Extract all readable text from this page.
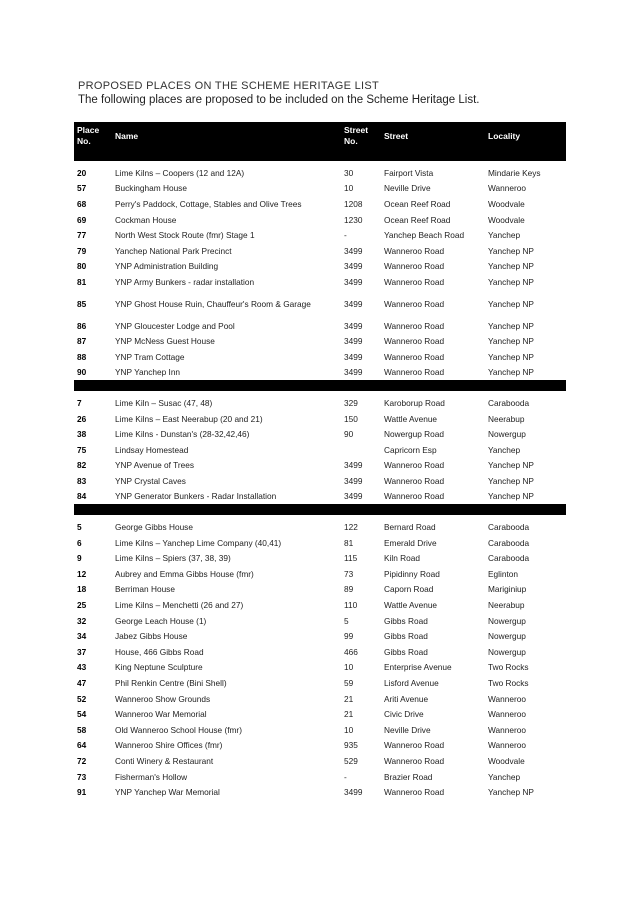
PROPOSED PLACES ON THE SCHEME HERITAGE LIST
The following places are proposed to be included on the Scheme Heritage List.
Place No.	Name	Street No.	Street	Locality

20	Lime Kilns – Coopers (12 and 12A)	30	Fairport Vista	Mindarie Keys
57	Buckingham House	10	Neville Drive	Wanneroo
68	Perry's Paddock, Cottage, Stables and Olive Trees	1208	Ocean Reef Road	Woodvale
69	Cockman House	1230	Ocean Reef Road	Woodvale
77	North West Stock Route (fmr) Stage 1	-	Yanchep Beach Road	Yanchep
79	Yanchep National Park Precinct	3499	Wanneroo Road	Yanchep NP
80	YNP Administration Building	3499	Wanneroo Road	Yanchep NP
81	YNP Army Bunkers - radar installation	3499	Wanneroo Road	Yanchep NP
85	YNP Ghost House Ruin, Chauffeur's Room & Garage	3499	Wanneroo Road	Yanchep NP
86	YNP Gloucester Lodge and Pool	3499	Wanneroo Road	Yanchep NP
87	YNP McNess Guest House	3499	Wanneroo Road	Yanchep NP
88	YNP Tram Cottage	3499	Wanneroo Road	Yanchep NP
90	YNP Yanchep Inn	3499	Wanneroo Road	Yanchep NP

7	Lime Kiln – Susac (47, 48)	329	Karoborup Road	Carabooda
26	Lime Kilns – East Neerabup (20 and 21)	150	Wattle Avenue	Neerabup
38	Lime Kilns - Dunstan's (28-32,42,46)	90	Nowergup Road	Nowergup
75	Lindsay Homestead		Capricorn Esp	Yanchep
82	YNP Avenue of Trees	3499	Wanneroo Road	Yanchep NP
83	YNP Crystal Caves	3499	Wanneroo Road	Yanchep NP
84	YNP Generator Bunkers - Radar Installation	3499	Wanneroo Road	Yanchep NP

5	George Gibbs House	122	Bernard Road	Carabooda
6	Lime Kilns – Yanchep Lime Company (40,41)	81	Emerald Drive	Carabooda
9	Lime Kilns – Spiers (37, 38, 39)	115	Kiln Road	Carabooda
12	Aubrey and Emma Gibbs House (fmr)	73	Pipidinny Road	Eglinton
18	Berriman House	89	Caporn Road	Mariginiup
25	Lime Kilns – Menchetti (26 and 27)	110	Wattle Avenue	Neerabup
32	George Leach House (1)	5	Gibbs Road	Nowergup
34	Jabez Gibbs House	99	Gibbs Road	Nowergup
37	House, 466 Gibbs Road	466	Gibbs Road	Nowergup
43	King Neptune Sculpture	10	Enterprise Avenue	Two Rocks
47	Phil Renkin Centre (Bini Shell)	59	Lisford Avenue	Two Rocks
52	Wanneroo Show Grounds	21	Ariti Avenue	Wanneroo
54	Wanneroo War Memorial	21	Civic Drive	Wanneroo
58	Old Wanneroo School House (fmr)	10	Neville Drive	Wanneroo
64	Wanneroo Shire Offices (fmr)	935	Wanneroo Road	Wanneroo
72	Conti Winery & Restaurant	529	Wanneroo Road	Woodvale
73	Fisherman's Hollow	-	Brazier Road	Yanchep
91	YNP Yanchep War Memorial	3499	Wanneroo Road	Yanchep NP
